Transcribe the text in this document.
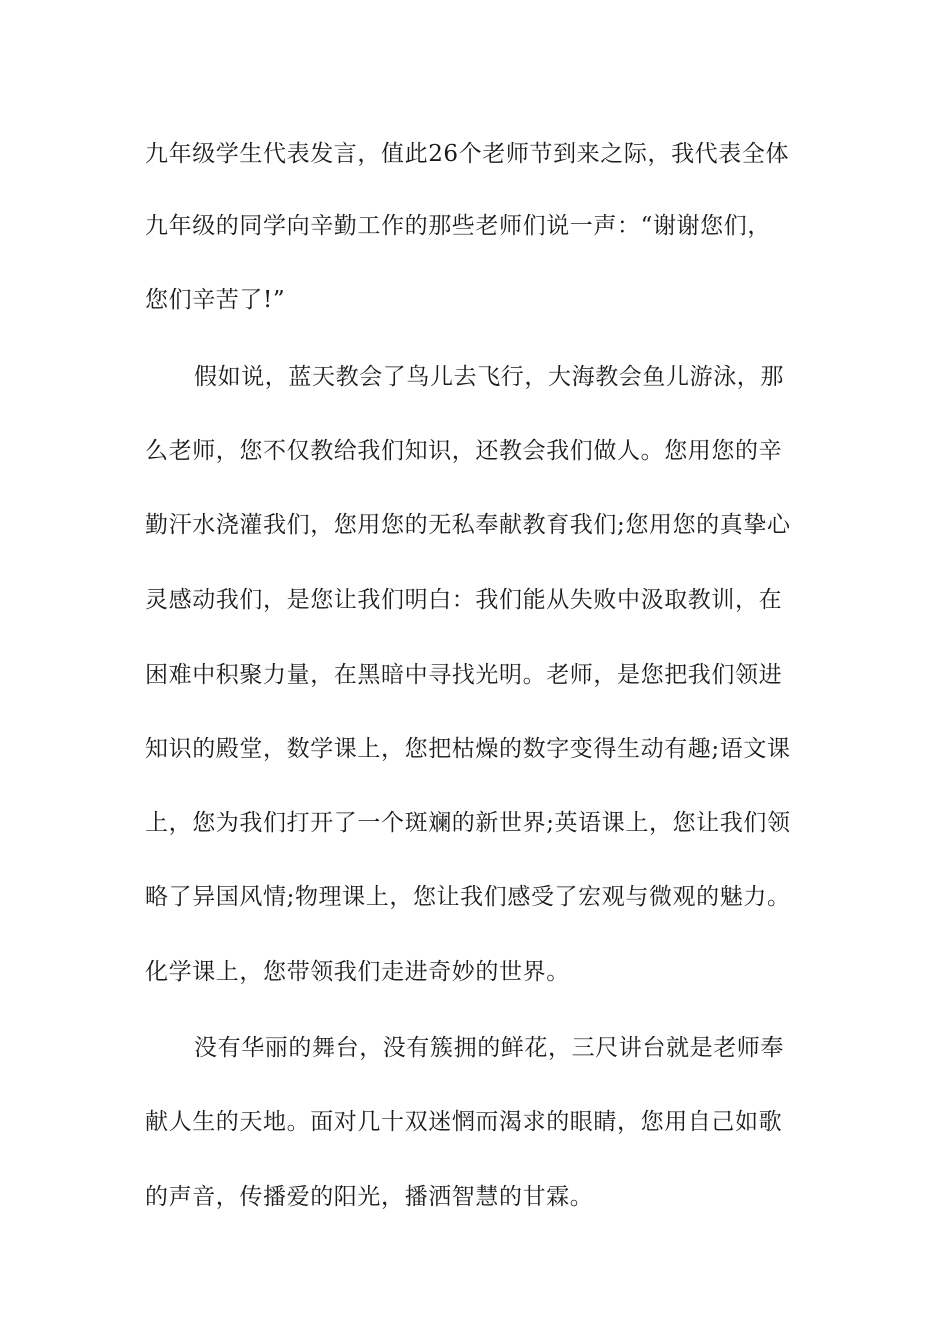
九年级学生代表发言，值此26个老师节到来之际，我代表全体

九年级的同学向辛勤工作的那些老师们说一声：“谢谢您们，

您们辛苦了!”

假如说，蓝天教会了鸟儿去飞行，大海教会鱼儿游泳，那

么老师，您不仅教给我们知识，还教会我们做人。您用您的辛

勤汗水浇灌我们，您用您的无私奉献教育我们;您用您的真挚心

灵感动我们，是您让我们明白：我们能从失败中汲取教训，在

困难中积聚力量，在黑暗中寻找光明。老师，是您把我们领进

知识的殿堂，数学课上，您把枯燥的数字变得生动有趣;语文课

上，您为我们打开了一个斑斓的新世界;英语课上，您让我们领

略了异国风情;物理课上，您让我们感受了宏观与微观的魅力。

化学课上，您带领我们走进奇妙的世界。

没有华丽的舞台，没有簇拥的鲜花，三尺讲台就是老师奉

献人生的天地。面对几十双迷惘而渴求的眼睛，您用自己如歌

的声音，传播爱的阳光，播洒智慧的甘霖。
